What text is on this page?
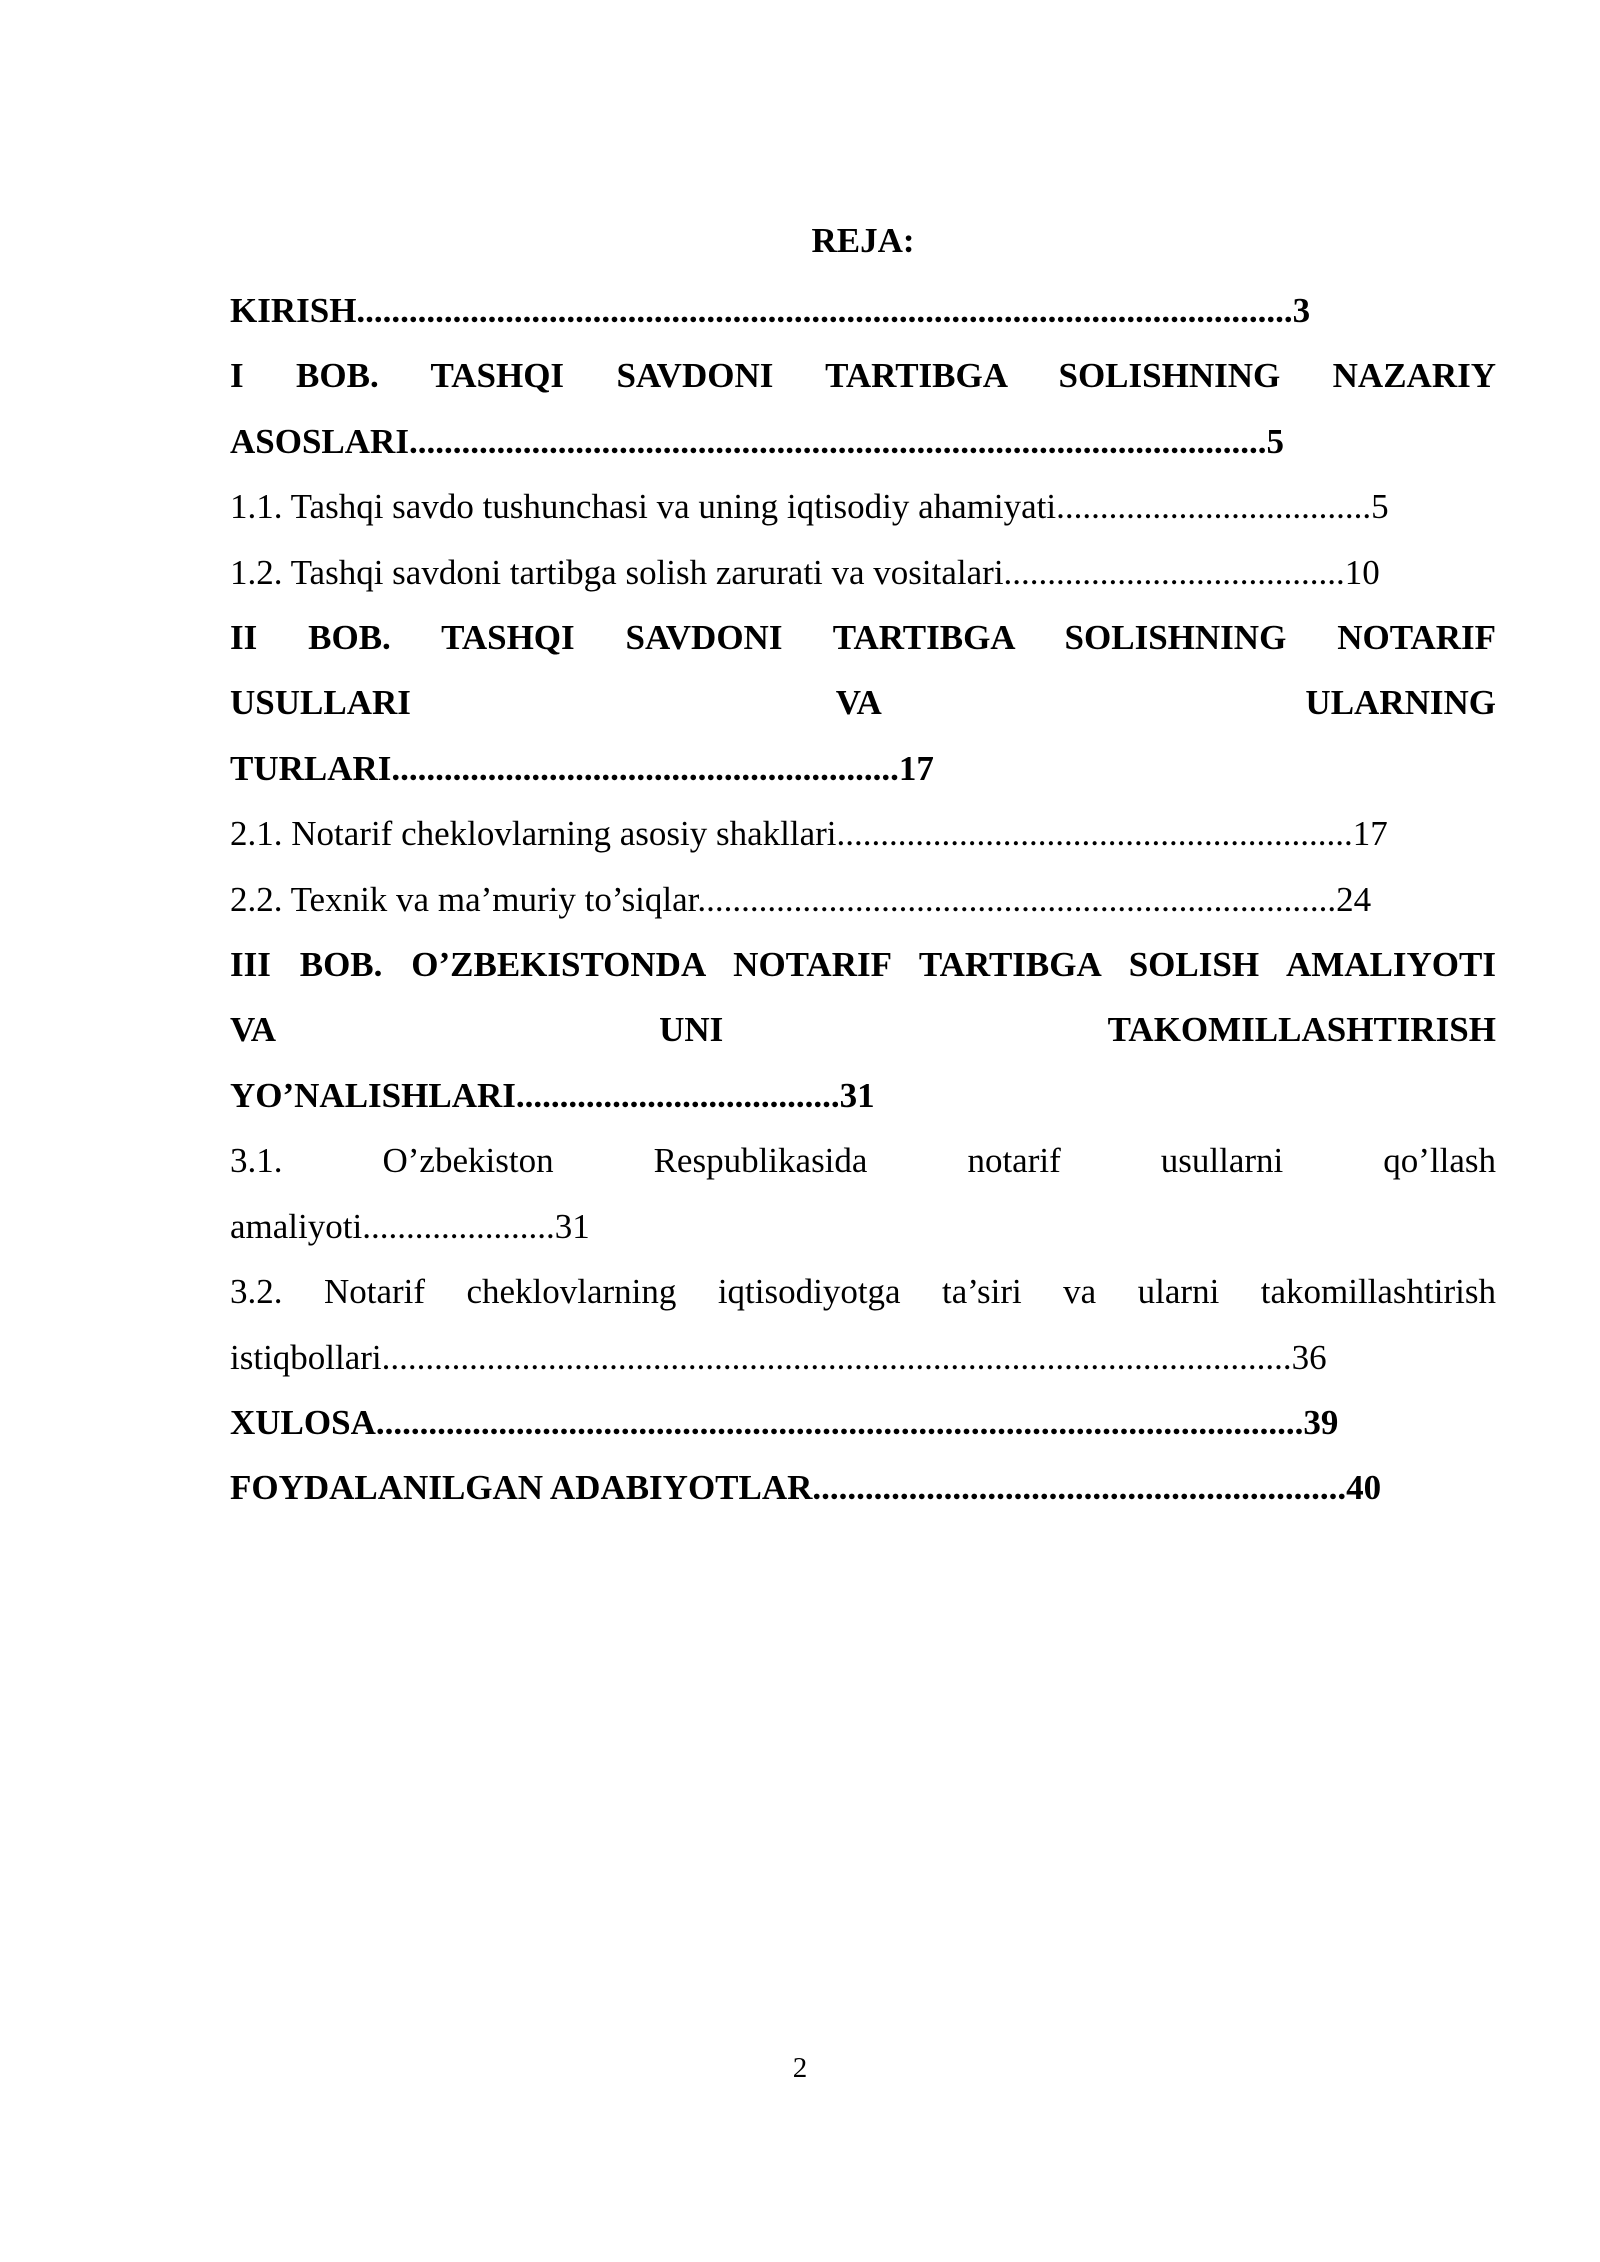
REJA:

KIRISH...........................................................................................................3

I BOB. TASHQI SAVDONI TARTIBGA SOLISHNING NAZARIY

ASOSLARI..................................................................................................5

1.1. Tashqi savdo tushunchasi va uning iqtisodiy ahamiyati....................................5

1.2. Tashqi savdoni tartibga solish zarurati va vositalari.......................................10

II BOB. TASHQI SAVDONI TARTIBGA SOLISHNING NOTARIF

USULLARI VA ULARNING

TURLARI..........................................................17

2.1. Notarif cheklovlarning asosiy shakllari...........................................................17

2.2. Texnik va ma’muriy to’siqlar.........................................................................24

III BOB. O’ZBEKISTONDA NOTARIF TARTIBGA SOLISH AMALIYOTI

VA UNI TAKOMILLASHTIRISH

YO’NALISHLARI.....................................31

3.1. O’zbekiston Respublikasida notarif usullarni qo’llash

amaliyoti......................31

3.2. Notarif cheklovlarning iqtisodiyotga ta’siri va ularni takomillashtirish

istiqbollari........................................................................................................36

XULOSA..........................................................................................................39

FOYDALANILGAN ADABIYOTLAR.............................................................40

2
